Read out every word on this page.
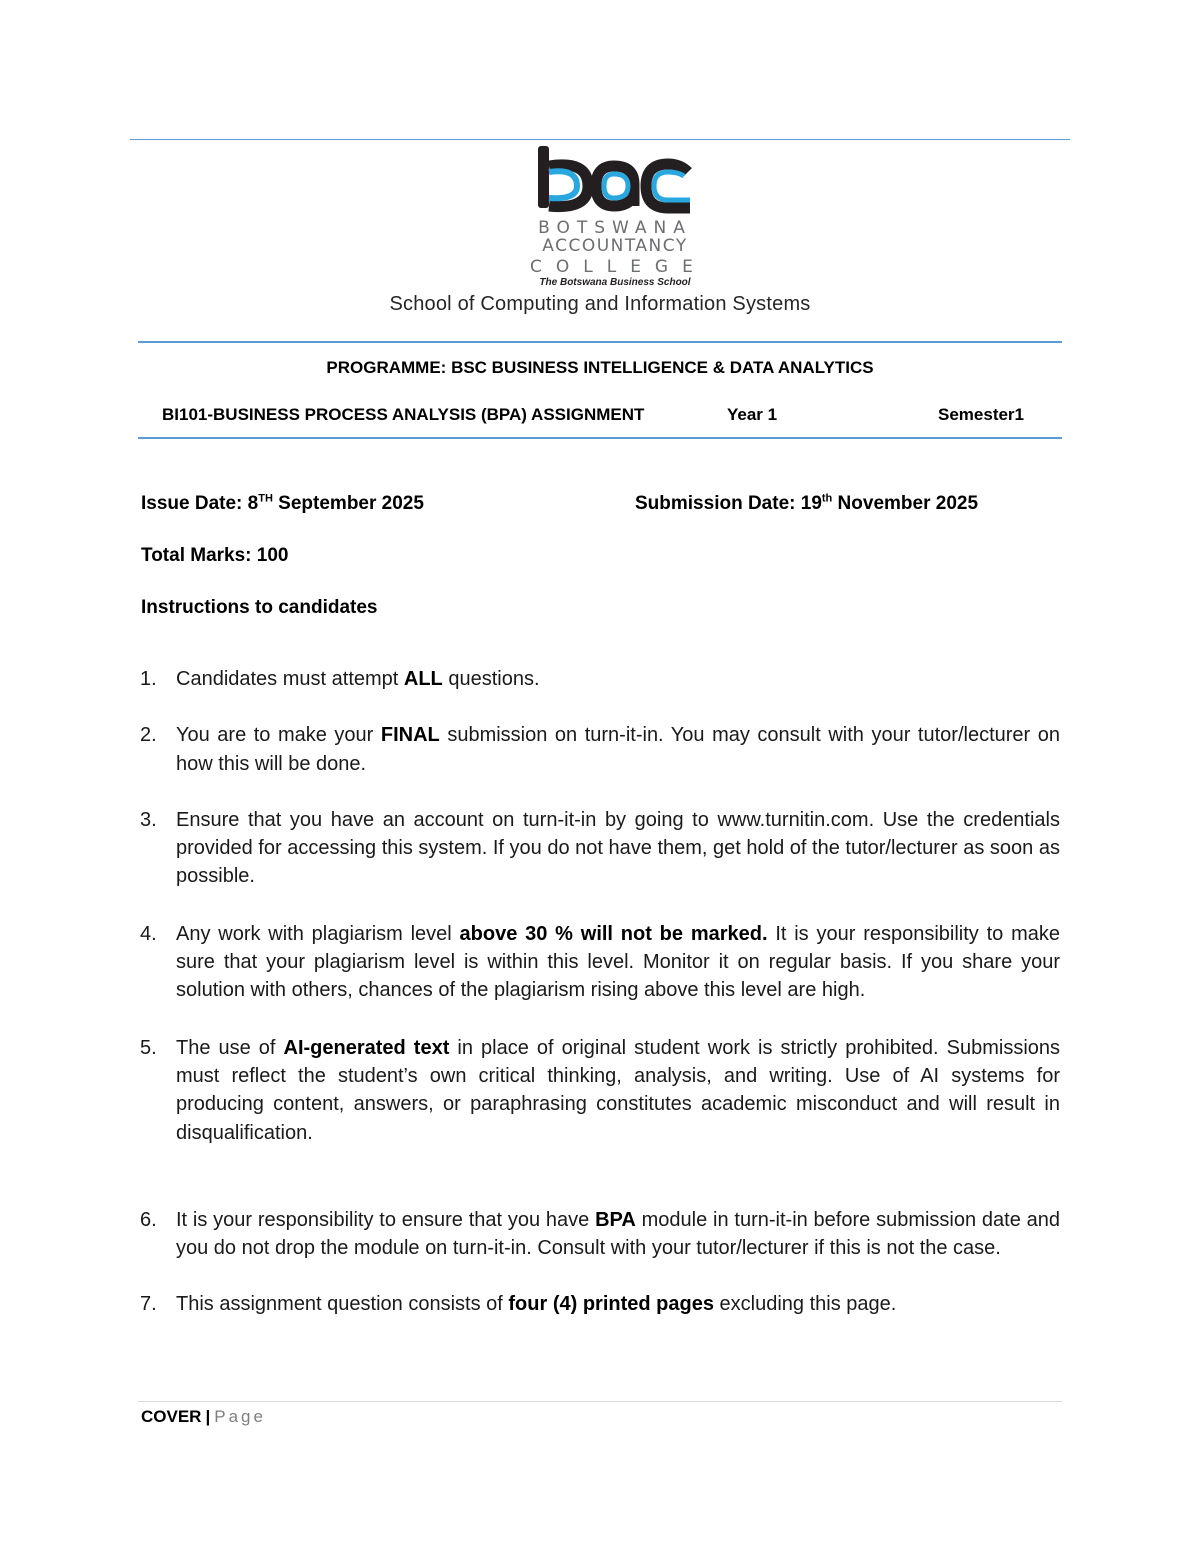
BOTSWANA
ACCOUNTANCY
COLLEGE
The Botswana Business School
School of Computing and Information Systems
PROGRAMME: BSC BUSINESS INTELLIGENCE & DATA ANALYTICS
BI101-BUSINESS PROCESS ANALYSIS (BPA) ASSIGNMENT	Year 1	Semester1
Issue Date: 8TH September 2025	Submission Date: 19th November 2025
Total Marks: 100
Instructions to candidates
1. Candidates must attempt ALL questions.
2. You are to make your FINAL submission on turn-it-in. You may consult with your tutor/lecturer on how this will be done.
3. Ensure that you have an account on turn-it-in by going to www.turnitin.com. Use the credentials provided for accessing this system. If you do not have them, get hold of the tutor/lecturer as soon as possible.
4. Any work with plagiarism level above 30 % will not be marked. It is your responsibility to make sure that your plagiarism level is within this level. Monitor it on regular basis. If you share your solution with others, chances of the plagiarism rising above this level are high.
5. The use of AI-generated text in place of original student work is strictly prohibited. Submissions must reflect the student’s own critical thinking, analysis, and writing. Use of AI systems for producing content, answers, or paraphrasing constitutes academic misconduct and will result in disqualification.
6. It is your responsibility to ensure that you have BPA module in turn-it-in before submission date and you do not drop the module on turn-it-in. Consult with your tutor/lecturer if this is not the case.
7. This assignment question consists of four (4) printed pages excluding this page.
COVER | Page
